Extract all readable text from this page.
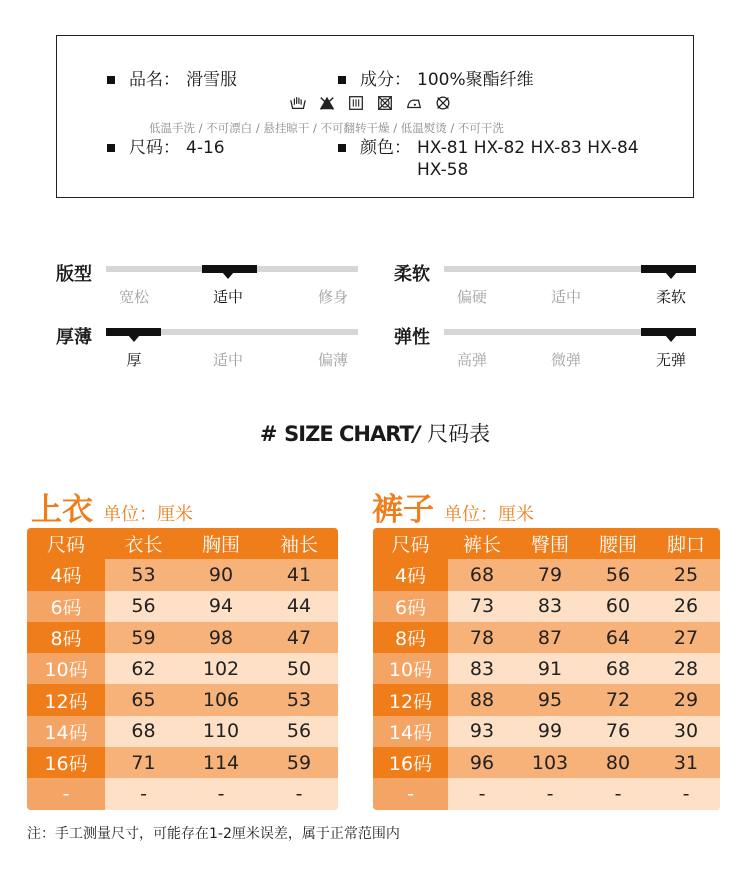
品名： 滑雪服	成分： 100%聚酯纤维
低温手洗 / 不可漂白 / 悬挂晾干 / 不可翻转干燥 / 低温熨烫 / 不可干洗
尺码： 4-16	颜色： HX-81 HX-82 HX-83 HX-84 HX-58
版型
宽松	适中	修身
柔软
偏硬	适中	柔软
厚薄
厚	适中	偏薄
弹性
高弹	微弹	无弹
# SIZE CHART/ 尺码表
上衣 单位：厘米
尺码	衣长	胸围	袖长
4码	53	90	41
6码	56	94	44
8码	59	98	47
10码	62	102	50
12码	65	106	53
14码	68	110	56
16码	71	114	59
-	-	-	-
裤子 单位：厘米
尺码	裤长	臀围	腰围	脚口
4码	68	79	56	25
6码	73	83	60	26
8码	78	87	64	27
10码	83	91	68	28
12码	88	95	72	29
14码	93	99	76	30
16码	96	103	80	31
-	-	-	-	-
注：手工测量尺寸，可能存在1-2厘米误差，属于正常范围内
